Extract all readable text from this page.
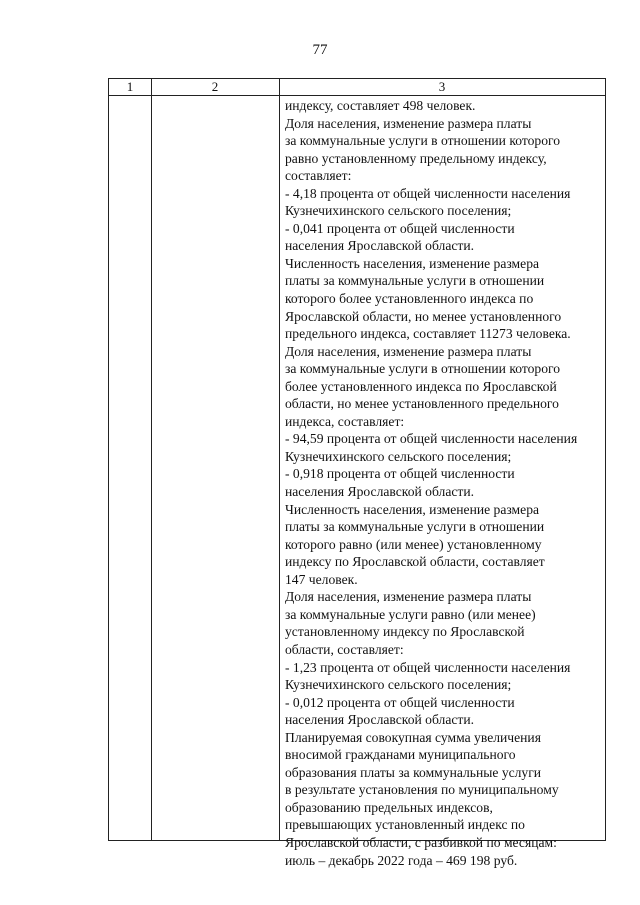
77
1	2	3
индексу, составляет 498 человек.
Доля населения, изменение размера платы
за коммунальные услуги в отношении которого
равно установленному предельному индексу,
составляет:
- 4,18 процента от общей численности населения
Кузнечихинского сельского поселения;
- 0,041 процента от общей численности
населения Ярославской области.
Численность населения, изменение размера
платы за коммунальные услуги в отношении
которого более установленного индекса по
Ярославской области, но менее установленного
предельного индекса, составляет 11273 человека.
Доля населения, изменение размера платы
за коммунальные услуги в отношении которого
более установленного индекса по Ярославской
области, но менее установленного предельного
индекса, составляет:
- 94,59 процента от общей численности населения
Кузнечихинского сельского поселения;
- 0,918 процента от общей численности
населения Ярославской области.
Численность населения, изменение размера
платы за коммунальные услуги в отношении
которого равно (или менее) установленному
индексу по Ярославской области, составляет
147 человек.
Доля населения, изменение размера платы
за коммунальные услуги равно (или менее)
установленному индексу по Ярославской
области, составляет:
- 1,23 процента от общей численности населения
Кузнечихинского сельского поселения;
- 0,012 процента от общей численности
населения Ярославской области.
Планируемая совокупная сумма увеличения
вносимой гражданами муниципального
образования платы за коммунальные услуги
в результате установления по муниципальному
образованию предельных индексов,
превышающих установленный индекс по
Ярославской области, с разбивкой по месяцам:
июль – декабрь 2022 года – 469 198 руб.
